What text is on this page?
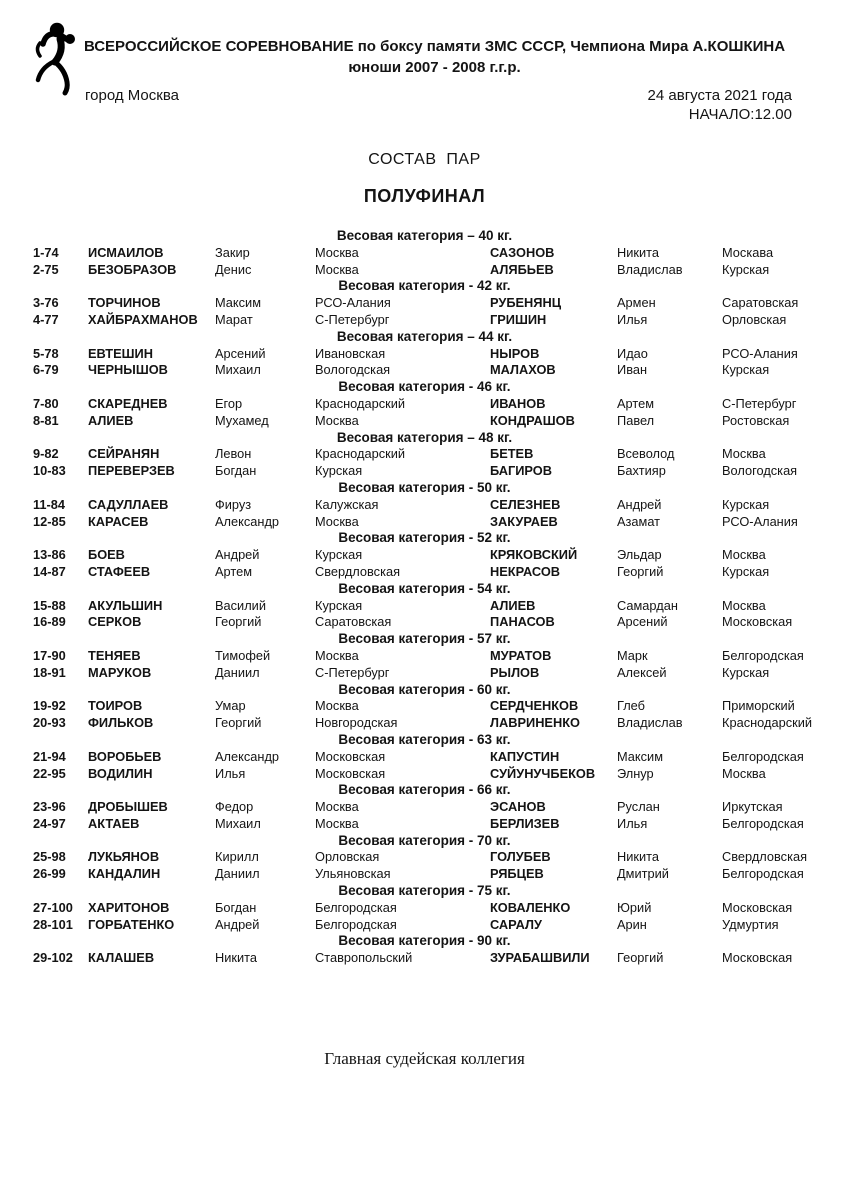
ВСЕРОССИЙСКОЕ СОРЕВНОВАНИЕ по боксу памяти ЗМС СССР, Чемпиона Мира А.КОШКИНА
юноши 2007 - 2008 г.г.р.
город Москва	24 августа 2021 года
НАЧАЛО:12.00
СОСТАВ  ПАР
ПОЛУФИНАЛ
Весовая категория – 40 кг.
1-74	ИСМАИЛОВ	Закир	Москва	САЗОНОВ	Никита	Москава
2-75	БЕЗОБРАЗОВ	Денис	Москва	АЛЯБЬЕВ	Владислав	Курская
Весовая категория - 42 кг.
3-76	ТОРЧИНОВ	Максим	РСО-Алания	РУБЕНЯНЦ	Армен	Саратовская
4-77	ХАЙБРАХМАНОВ	Марат	С-Петербург	ГРИШИН	Илья	Орловская
Весовая категория – 44 кг.
5-78	ЕВТЕШИН	Арсений	Ивановская	НЫРОВ	Идао	РСО-Алания
6-79	ЧЕРНЫШОВ	Михаил	Вологодская	МАЛАХОВ	Иван	Курская
Весовая категория - 46 кг.
7-80	СКАРЕДНЕВ	Егор	Краснодарский	ИВАНОВ	Артем	С-Петербург
8-81	АЛИЕВ	Мухамед	Москва	КОНДРАШОВ	Павел	Ростовская
Весовая категория – 48 кг.
9-82	СЕЙРАНЯН	Левон	Краснодарский	БЕТЕВ	Всеволод	Москва
10-83	ПЕРЕВЕРЗЕВ	Богдан	Курская	БАГИРОВ	Бахтияр	Вологодская
Весовая категория - 50 кг.
11-84	САДУЛЛАЕВ	Фируз	Калужская	СЕЛЕЗНЕВ	Андрей	Курская
12-85	КАРАСЕВ	Александр	Москва	ЗАКУРАЕВ	Азамат	РСО-Алания
Весовая категория - 52 кг.
13-86	БОЕВ	Андрей	Курская	КРЯКОВСКИЙ	Эльдар	Москва
14-87	СТАФЕЕВ	Артем	Свердловская	НЕКРАСОВ	Георгий	Курская
Весовая категория - 54 кг.
15-88	АКУЛЬШИН	Василий	Курская	АЛИЕВ	Самардан	Москва
16-89	СЕРКОВ	Георгий	Саратовская	ПАНАСОВ	Арсений	Московская
Весовая категория - 57 кг.
17-90	ТЕНЯЕВ	Тимофей	Москва	МУРАТОВ	Марк	Белгородская
18-91	МАРУКОВ	Даниил	С-Петербург	РЫЛОВ	Алексей	Курская
Весовая категория - 60 кг.
19-92	ТОИРОВ	Умар	Москва	СЕРДЧЕНКОВ	Глеб	Приморский
20-93	ФИЛЬКОВ	Георгий	Новгородская	ЛАВРИНЕНКО	Владислав	Краснодарский
Весовая категория - 63 кг.
21-94	ВОРОБЬЕВ	Александр	Московская	КАПУСТИН	Максим	Белгородская
22-95	ВОДИЛИН	Илья	Московская	СУЙУНУЧБЕКОВ	Элнур	Москва
Весовая категория - 66 кг.
23-96	ДРОБЫШЕВ	Федор	Москва	ЭСАНОВ	Руслан	Иркутская
24-97	АКТАЕВ	Михаил	Москва	БЕРЛИЗЕВ	Илья	Белгородская
Весовая категория - 70 кг.
25-98	ЛУКЬЯНОВ	Кирилл	Орловская	ГОЛУБЕВ	Никита	Свердловская
26-99	КАНДАЛИН	Даниил	Ульяновская	РЯБЦЕВ	Дмитрий	Белгородская
Весовая категория - 75 кг.
27-100	ХАРИТОНОВ	Богдан	Белгородская	КОВАЛЕНКО	Юрий	Московская
28-101	ГОРБАТЕНКО	Андрей	Белгородская	САРАЛУ	Арин	Удмуртия
Весовая категория - 90 кг.
29-102	КАЛАШЕВ	Никита	Ставропольский	ЗУРАБАШВИЛИ	Георгий	Московская
Главная судейская коллегия
